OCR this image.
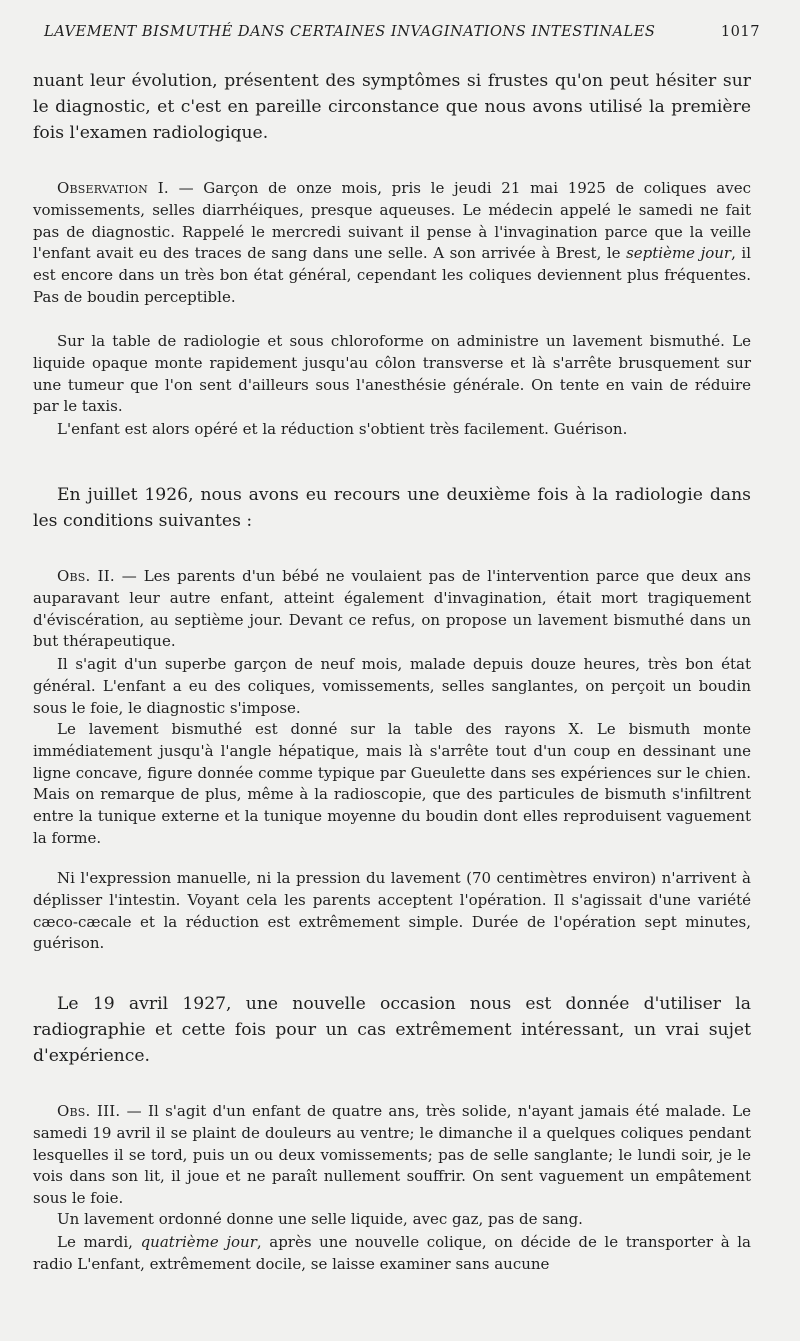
LAVEMENT BISMUTHÉ DANS CERTAINES INVAGINATIONS INTESTINALES	1017

nuant leur évolution, présentent des symptômes si frustes qu'on peut hésiter sur le diagnostic, et c'est en pareille circonstance que nous avons utilisé la première fois l'examen radiologique.

Observation I. — Garçon de onze mois, pris le jeudi 21 mai 1925 de coliques avec vomissements, selles diarrhéiques, presque aqueuses. Le médecin appelé le samedi ne fait pas de diagnostic. Rappelé le mercredi suivant il pense à l'invagination parce que la veille l'enfant avait eu des traces de sang dans une selle. A son arrivée à Brest, le septième jour, il est encore dans un très bon état général, cependant les coliques deviennent plus fréquentes. Pas de boudin perceptible.

Sur la table de radiologie et sous chloroforme on administre un lavement bismuthé. Le liquide opaque monte rapidement jusqu'au côlon transverse et là s'arrête brusquement sur une tumeur que l'on sent d'ailleurs sous l'anesthésie générale. On tente en vain de réduire par le taxis.

L'enfant est alors opéré et la réduction s'obtient très facilement. Guérison.

En juillet 1926, nous avons eu recours une deuxième fois à la radiologie dans les conditions suivantes :

Obs. II. — Les parents d'un bébé ne voulaient pas de l'intervention parce que deux ans auparavant leur autre enfant, atteint également d'invagination, était mort tragiquement d'éviscération, au septième jour. Devant ce refus, on propose un lavement bismuthé dans un but thérapeutique.

Il s'agit d'un superbe garçon de neuf mois, malade depuis douze heures, très bon état général. L'enfant a eu des coliques, vomissements, selles sanglantes, on perçoit un boudin sous le foie, le diagnostic s'impose.

Le lavement bismuthé est donné sur la table des rayons X. Le bismuth monte immédiatement jusqu'à l'angle hépatique, mais là s'arrête tout d'un coup en dessinant une ligne concave, figure donnée comme typique par Gueulette dans ses expériences sur le chien. Mais on remarque de plus, même à la radioscopie, que des particules de bismuth s'infiltrent entre la tunique externe et la tunique moyenne du boudin dont elles reproduisent vaguement la forme.

Ni l'expression manuelle, ni la pression du lavement (70 centimètres environ) n'arrivent à déplisser l'intestin. Voyant cela les parents acceptent l'opération. Il s'agissait d'une variété cæco-cæcale et la réduction est extrêmement simple. Durée de l'opération sept minutes, guérison.

Le 19 avril 1927, une nouvelle occasion nous est donnée d'utiliser la radiographie et cette fois pour un cas extrêmement intéressant, un vrai sujet d'expérience.

Obs. III. — Il s'agit d'un enfant de quatre ans, très solide, n'ayant jamais été malade. Le samedi 19 avril il se plaint de douleurs au ventre; le dimanche il a quelques coliques pendant lesquelles il se tord, puis un ou deux vomissements; pas de selle sanglante; le lundi soir, je le vois dans son lit, il joue et ne paraît nullement souffrir. On sent vaguement un empâtement sous le foie.

Un lavement ordonné donne une selle liquide, avec gaz, pas de sang.

Le mardi, quatrième jour, après une nouvelle colique, on décide de le transporter à la radio L'enfant, extrêmement docile, se laisse examiner sans aucune
